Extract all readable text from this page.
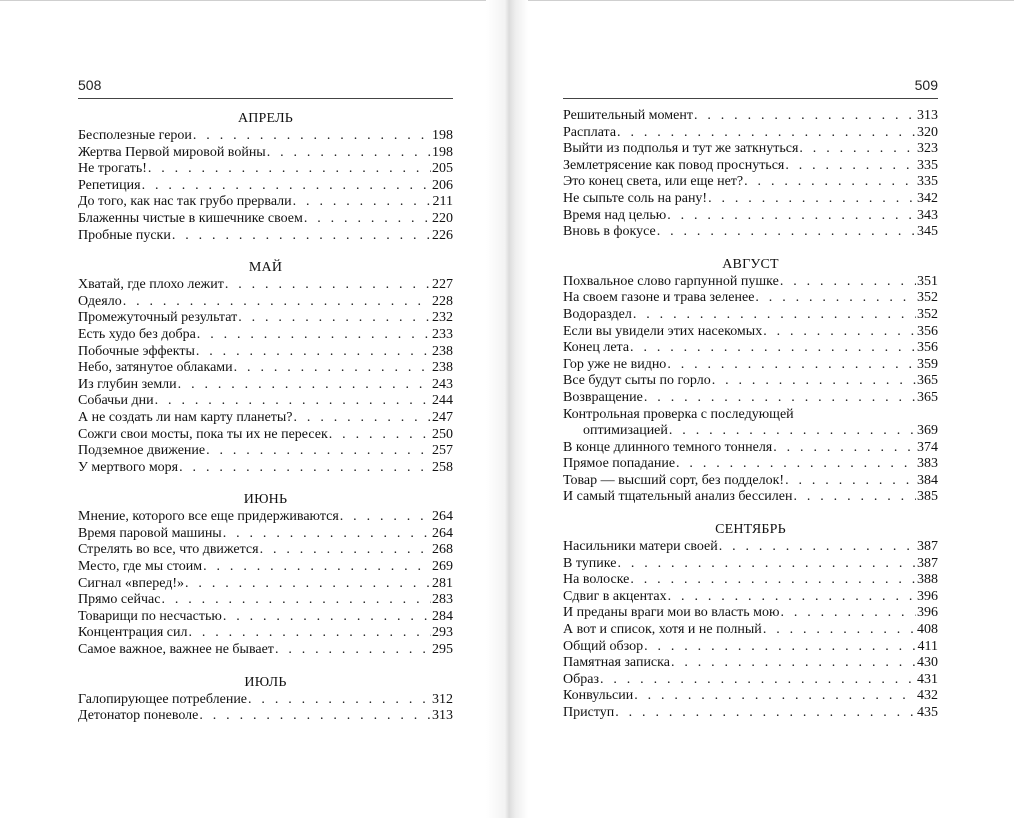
508
АПРЕЛЬ
Бесполезные герои . . .	198
Жертва Первой мировой войны . . .	198
Не трогать! . . .	205
Репетиция . . .	206
До того, как нас так грубо прервали . . .	211
Блаженны чистые в кишечнике своем . . .	220
Пробные пуски . . .	226
МАЙ
Хватай, где плохо лежит . . .	227
Одеяло . . .	228
Промежуточный результат . . .	232
Есть худо без добра . . .	233
Побочные эффекты . . .	238
Небо, затянутое облаками . . .	238
Из глубин земли . . .	243
Собачьи дни . . .	244
А не создать ли нам карту планеты? . . .	247
Сожги свои мосты, пока ты их не пересек . . .	250
Подземное движение . . .	257
У мертвого моря . . .	258
ИЮНЬ
Мнение, которого все еще придерживаются . . .	264
Время паровой машины . . .	264
Стрелять во все, что движется . . .	268
Место, где мы стоим . . .	269
Сигнал «вперед!» . . .	281
Прямо сейчас . . .	283
Товарищи по несчастью . . .	284
Концентрация сил . . .	293
Самое важное, важнее не бывает . . .	295
ИЮЛЬ
Галопирующее потребление . . .	312
Детонатор поневоле . . .	313
509
Решительный момент . . .	313
Расплата . . .	320
Выйти из подполья и тут же заткнуться . . .	323
Землетрясение как повод проснуться . . .	335
Это конец света, или еще нет? . . .	335
Не сыпьте соль на рану! . . .	342
Время над целью . . .	343
Вновь в фокусе . . .	345
АВГУСТ
Похвальное слово гарпунной пушке . . .	351
На своем газоне и трава зеленее . . .	352
Водораздел . . .	352
Если вы увидели этих насекомых . . .	356
Конец лета . . .	356
Гор уже не видно . . .	359
Все будут сыты по горло . . .	365
Возвращение . . .	365
Контрольная проверка с последующей
оптимизацией . . .	369
В конце длинного темного тоннеля . . .	374
Прямое попадание . . .	383
Товар — высший сорт, без подделок! . . .	384
И самый тщательный анализ бессилен . . .	385
СЕНТЯБРЬ
Насильники матери своей . . .	387
В тупике . . .	387
На волоске . . .	388
Сдвиг в акцентах . . .	396
И преданы враги мои во власть мою . . .	396
А вот и список, хотя и не полный . . .	408
Общий обзор . . .	411
Памятная записка . . .	430
Образ . . .	431
Конвульсии . . .	432
Приступ . . .	435
